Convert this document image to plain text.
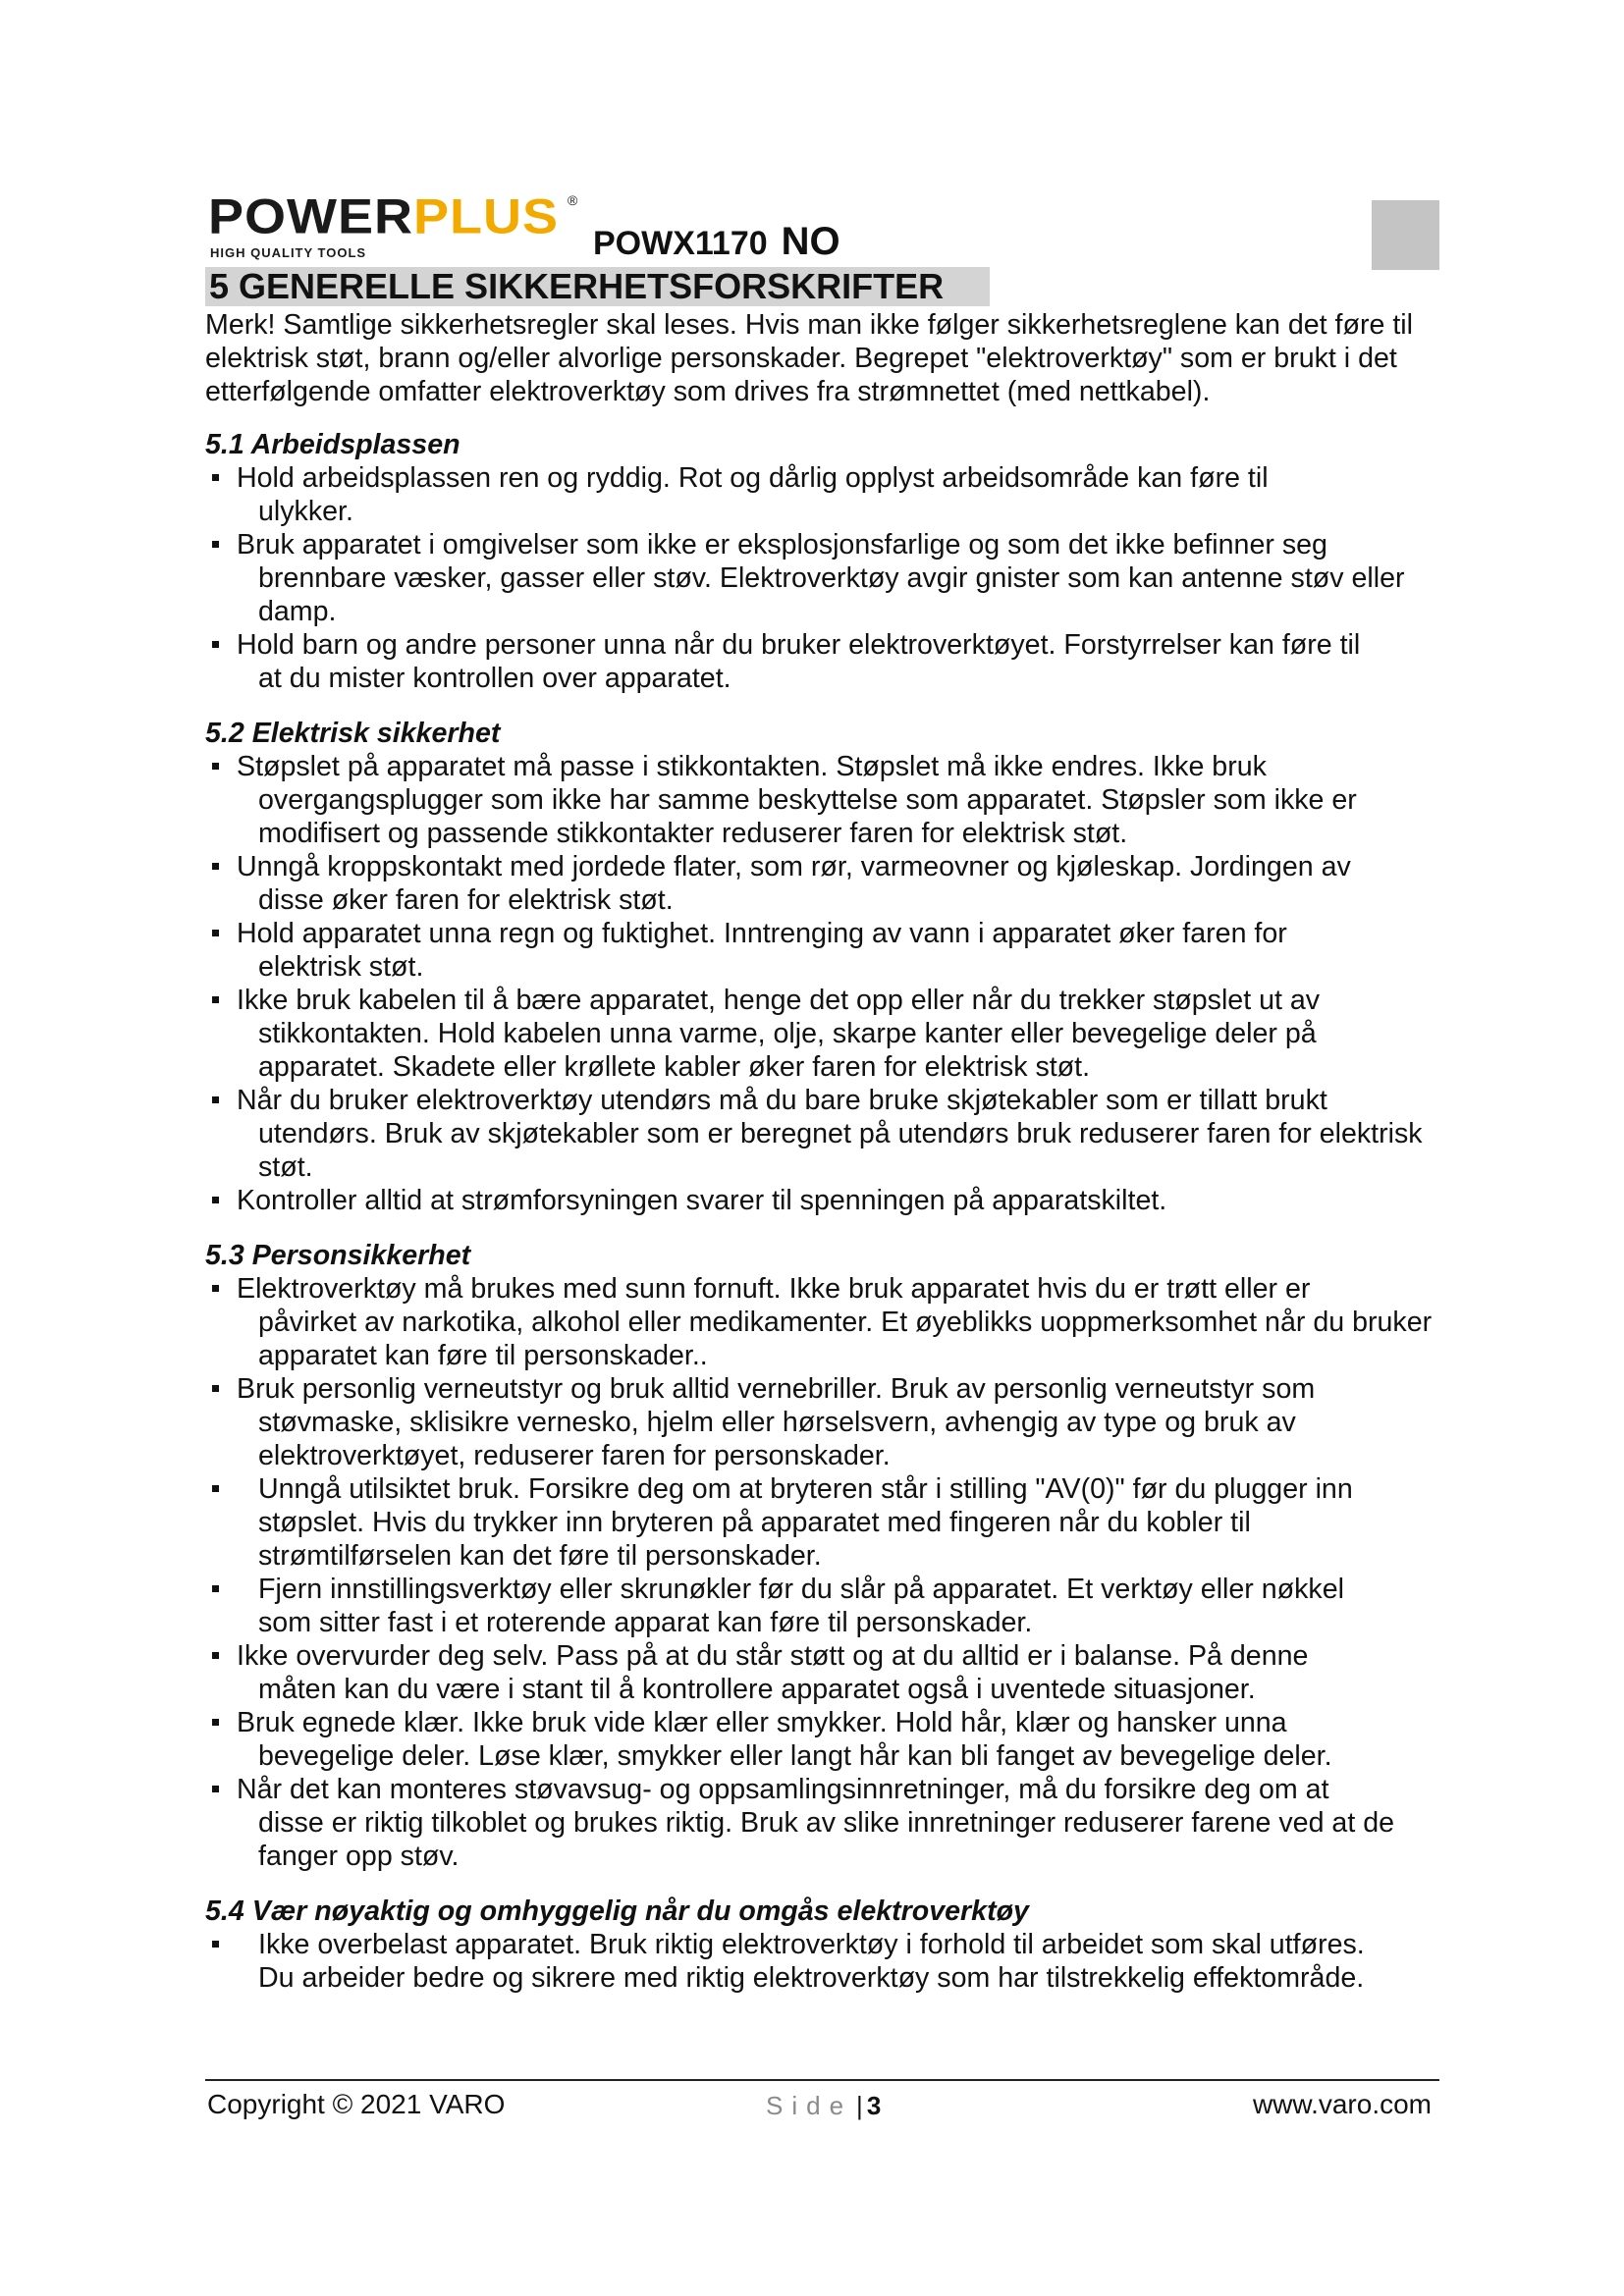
POWERPLUS ®
HIGH QUALITY TOOLS	POWX1170 NO
5 GENERELLE SIKKERHETSFORSKRIFTER

Merk! Samtlige sikkerhetsregler skal leses. Hvis man ikke følger sikkerhetsreglene kan det føre til elektrisk støt, brann og/eller alvorlige personskader. Begrepet "elektroverktøy" som er brukt i det etterfølgende omfatter elektroverktøy som drives fra strømnettet (med nettkabel).

5.1 Arbeidsplassen
Hold arbeidsplassen ren og ryddig. Rot og dårlig opplyst arbeidsområde kan føre til
ulykker.
Bruk apparatet i omgivelser som ikke er eksplosjonsfarlige og som det ikke befinner seg
brennbare væsker, gasser eller støv. Elektroverktøy avgir gnister som kan antenne støv eller damp.
Hold barn og andre personer unna når du bruker elektroverktøyet. Forstyrrelser kan føre til
at du mister kontrollen over apparatet.
5.2 Elektrisk sikkerhet
Støpslet på apparatet må passe i stikkontakten. Støpslet må ikke endres. Ikke bruk
overgangsplugger som ikke har samme beskyttelse som apparatet. Støpsler som ikke er modifisert og passende stikkontakter reduserer faren for elektrisk støt.
Unngå kroppskontakt med jordede flater, som rør, varmeovner og kjøleskap. Jordingen av
disse øker faren for elektrisk støt.
Hold apparatet unna regn og fuktighet. Inntrenging av vann i apparatet øker faren for
elektrisk støt.
Ikke bruk kabelen til å bære apparatet, henge det opp eller når du trekker støpslet ut av
stikkontakten. Hold kabelen unna varme, olje, skarpe kanter eller bevegelige deler på apparatet. Skadete eller krøllete kabler øker faren for elektrisk støt.
Når du bruker elektroverktøy utendørs må du bare bruke skjøtekabler som er tillatt brukt
utendørs. Bruk av skjøtekabler som er beregnet på utendørs bruk reduserer faren for elektrisk støt.
Kontroller alltid at strømforsyningen svarer til spenningen på apparatskiltet.
5.3 Personsikkerhet
Elektroverktøy må brukes med sunn fornuft. Ikke bruk apparatet hvis du er trøtt eller er
påvirket av narkotika, alkohol eller medikamenter. Et øyeblikks uoppmerksomhet når du bruker apparatet kan føre til personskader..
Bruk personlig verneutstyr og bruk alltid vernebriller. Bruk av personlig verneutstyr som
støvmaske, sklisikre vernesko, hjelm eller hørselsvern, avhengig av type og bruk av elektroverktøyet, reduserer faren for personskader.
Unngå utilsiktet bruk. Forsikre deg om at bryteren står i stilling "AV(0)" før du plugger inn
støpslet. Hvis du trykker inn bryteren på apparatet med fingeren når du kobler til strømtilførselen kan det føre til personskader.
Fjern innstillingsverktøy eller skrunøkler før du slår på apparatet. Et verktøy eller nøkkel
som sitter fast i et roterende apparat kan føre til personskader.
Ikke overvurder deg selv. Pass på at du står støtt og at du alltid er i balanse. På denne
måten kan du være i stant til å kontrollere apparatet også i uventede situasjoner.
Bruk egnede klær. Ikke bruk vide klær eller smykker. Hold hår, klær og hansker unna
bevegelige deler. Løse klær, smykker eller langt hår kan bli fanget av bevegelige deler.
Når det kan monteres støvavsug- og oppsamlingsinnretninger, må du forsikre deg om at
disse er riktig tilkoblet og brukes riktig. Bruk av slike innretninger reduserer farene ved at de fanger opp støv.
5.4 Vær nøyaktig og omhyggelig når du omgås elektroverktøy
Ikke overbelast apparatet. Bruk riktig elektroverktøy i forhold til arbeidet som skal utføres.
Du arbeider bedre og sikrere med riktig elektroverktøy som har tilstrekkelig effektområde.
Copyright © 2021 VARO	Side | 3	www.varo.com
